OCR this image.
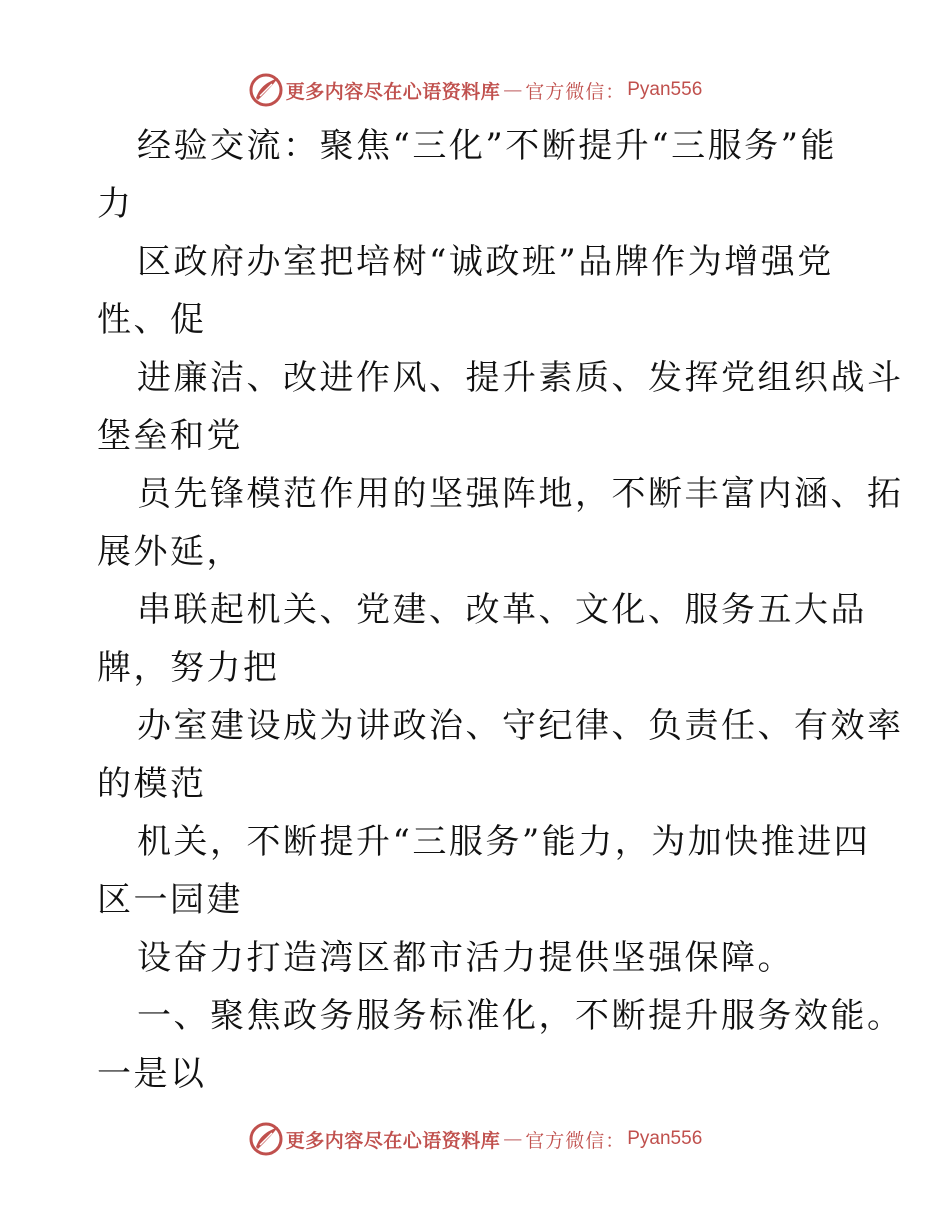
更多内容尽在心语资料库 — 官方微信： Pyan556

经验交流：聚焦“三化”不断提升“三服务”能
力

区政府办室把培树“诚政班”品牌作为增强党
性、促

进廉洁、改进作风、提升素质、发挥党组织战斗
堡垒和党

员先锋模范作用的坚强阵地，不断丰富内涵、拓
展外延，

串联起机关、党建、改革、文化、服务五大品
牌，努力把

办室建设成为讲政治、守纪律、负责任、有效率
的模范

机关，不断提升“三服务”能力，为加快推进四
区一园建

设奋力打造湾区都市活力提供坚强保障。

一、聚焦政务服务标准化，不断提升服务效能。
一是以

更多内容尽在心语资料库 — 官方微信： Pyan556
